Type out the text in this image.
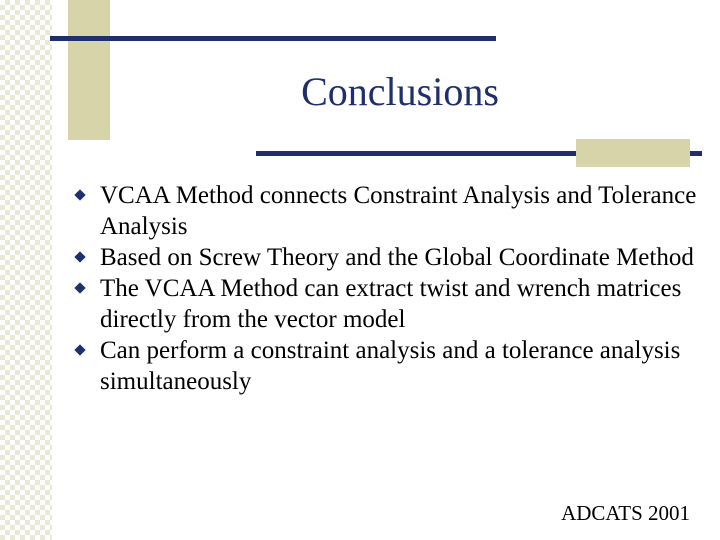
Conclusions
VCAA Method connects Constraint Analysis and Tolerance Analysis
Based on Screw Theory and the Global Coordinate Method
The VCAA Method can extract twist and wrench matrices directly from the vector model
Can perform a constraint analysis and a tolerance analysis simultaneously
ADCATS 2001
